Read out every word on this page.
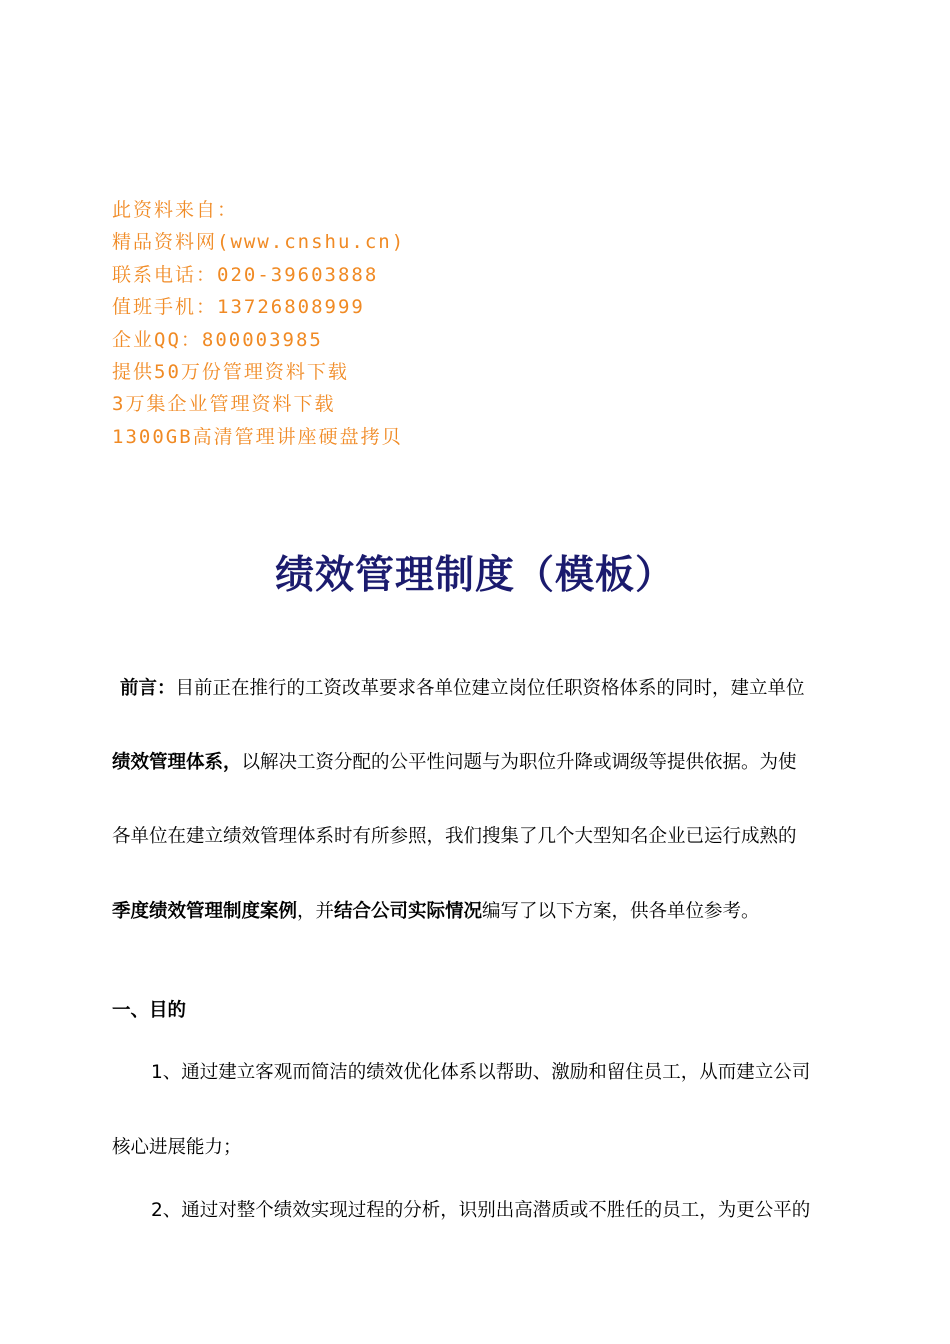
此资料来自：
精品资料网(www.cnshu.cn)
联系电话：020-39603888
值班手机：13726808999
企业QQ：800003985
提供50万份管理资料下载
3万集企业管理资料下载
1300GB高清管理讲座硬盘拷贝
绩效管理制度（模板）
前言：目前正在推行的工资改革要求各单位建立岗位任职资格体系的同时，建立单位
绩效管理体系，以解决工资分配的公平性问题与为职位升降或调级等提供依据。为使
各单位在建立绩效管理体系时有所参照，我们搜集了几个大型知名企业已运行成熟的
季度绩效管理制度案例，并结合公司实际情况编写了以下方案，供各单位参考。
一、目的
1、通过建立客观而简洁的绩效优化体系以帮助、激励和留住员工，从而建立公司
核心进展能力；
2、通过对整个绩效实现过程的分析，识别出高潜质或不胜任的员工，为更公平的
